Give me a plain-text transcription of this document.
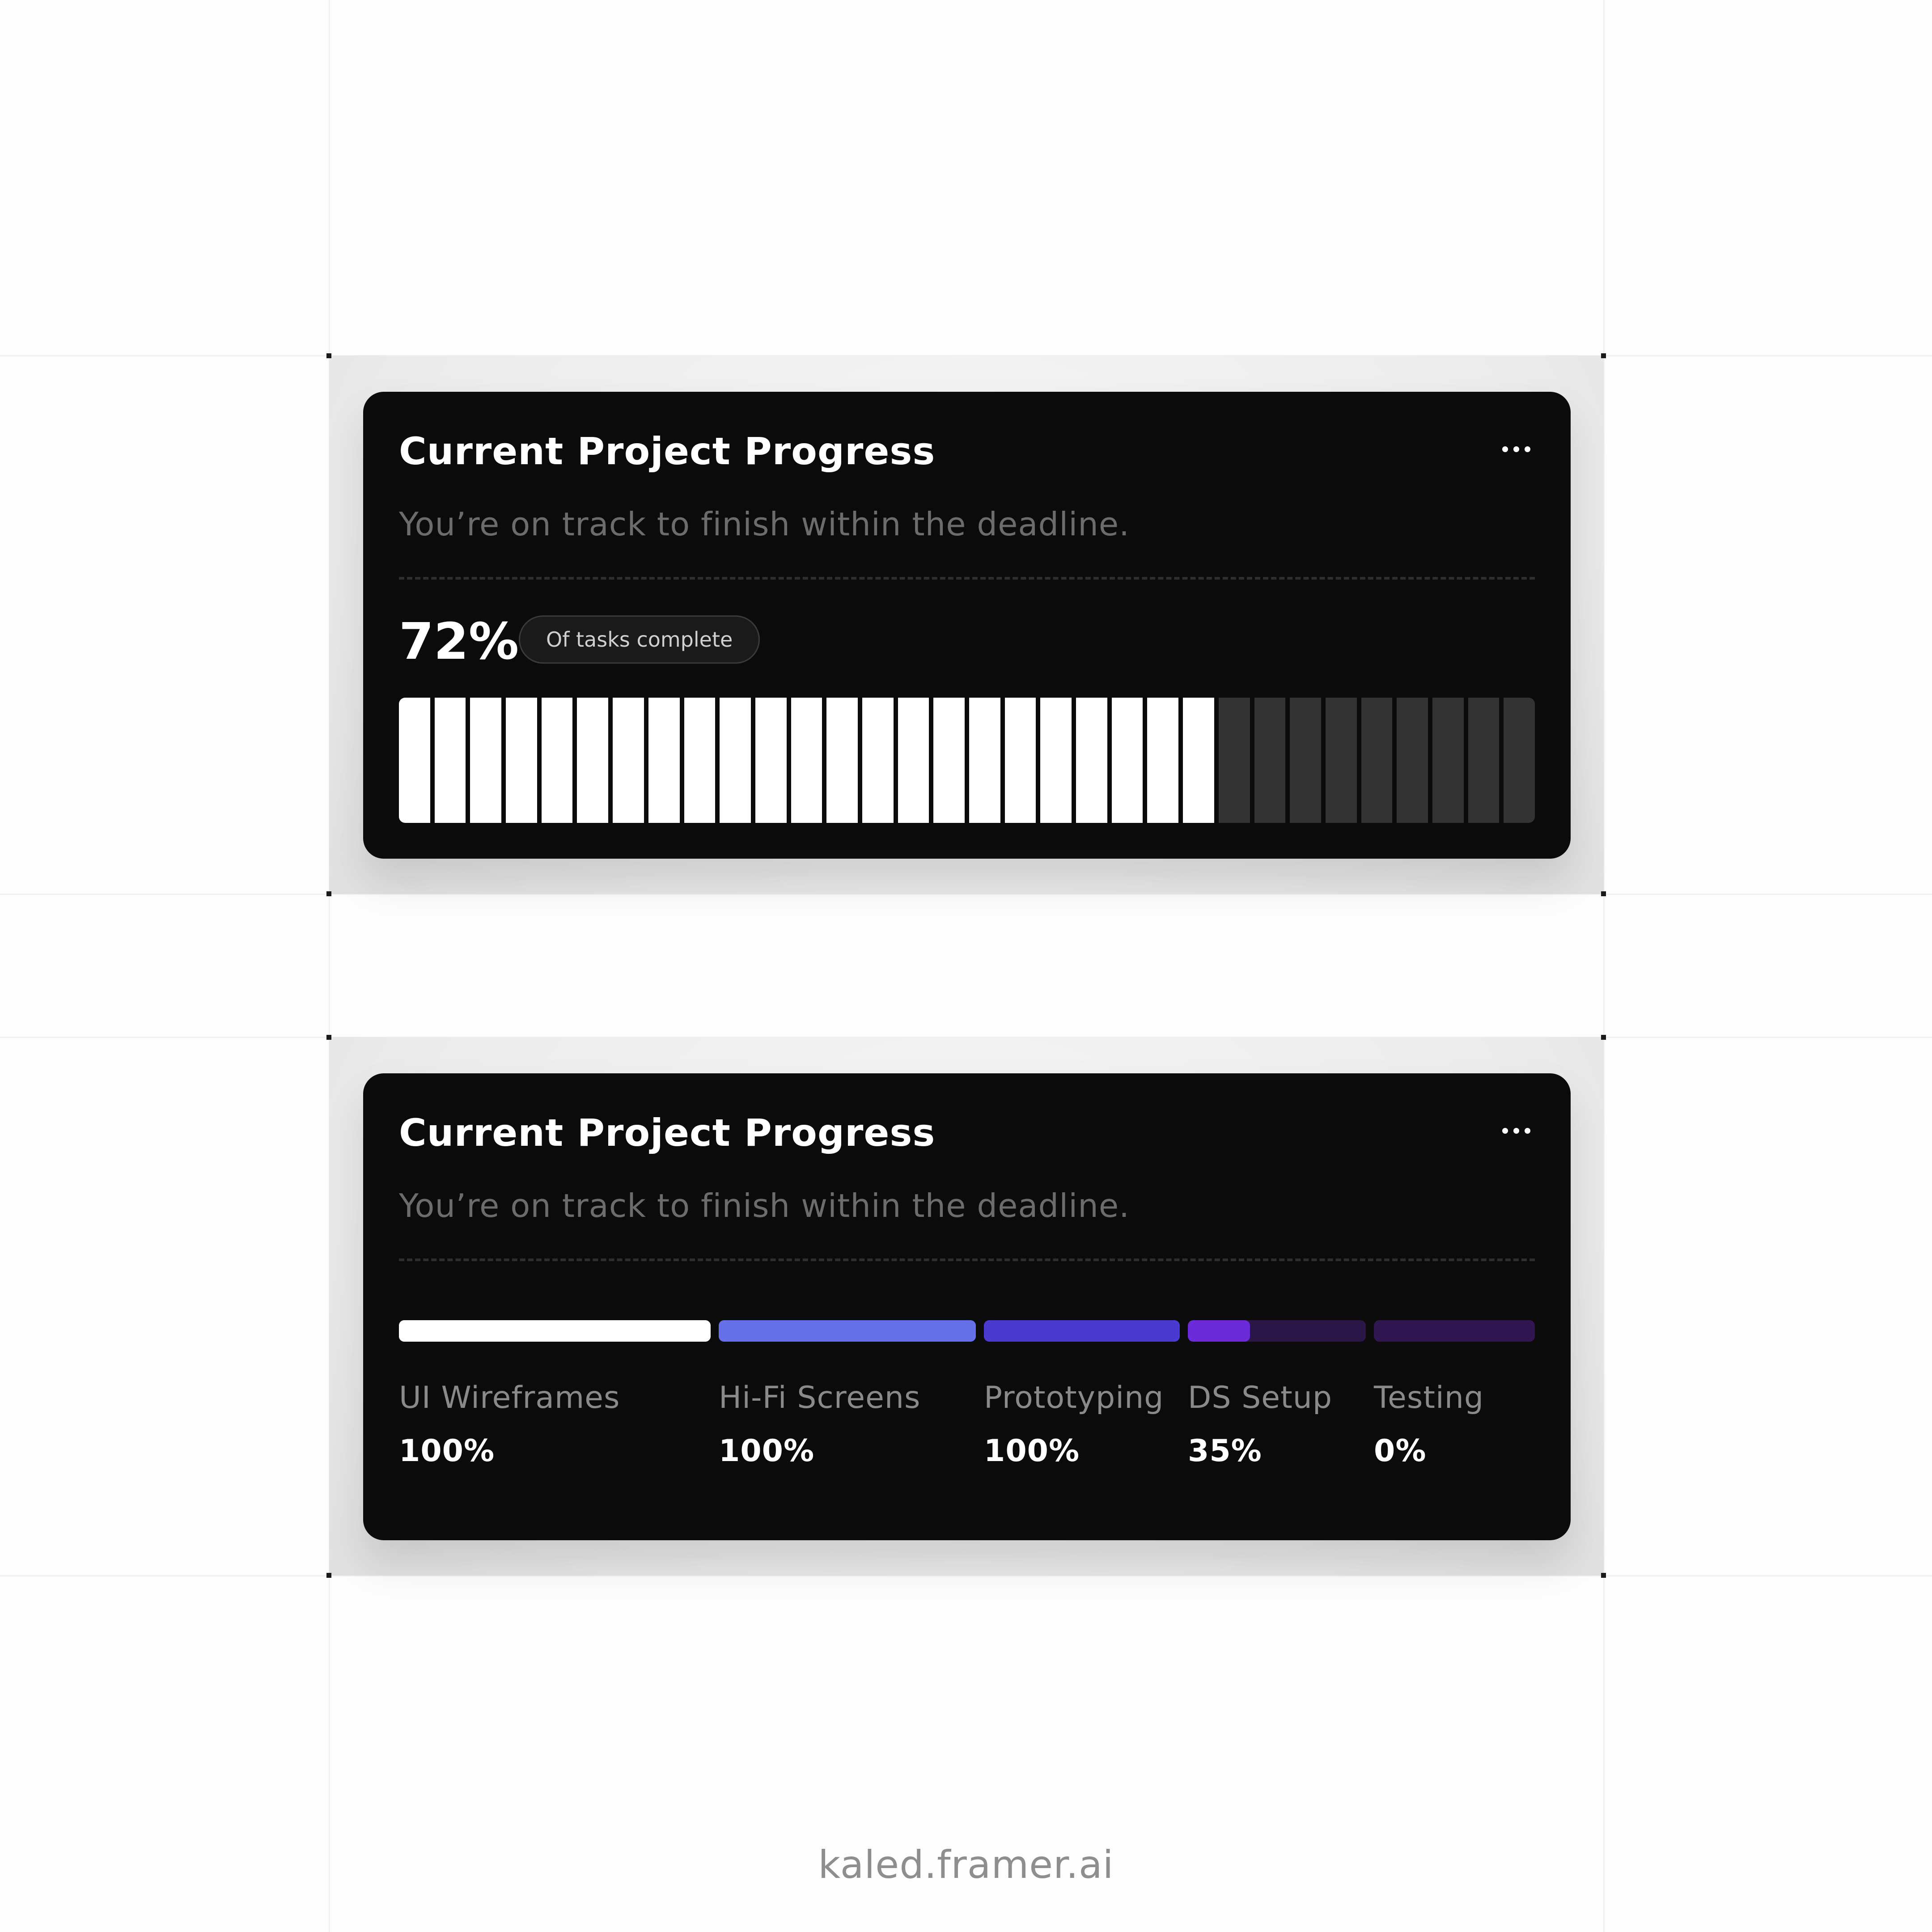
Current Project Progress
You’re on track to finish within the deadline.
72%	Of tasks complete
Current Project Progress
You’re on track to finish within the deadline.
UI Wireframes
100%
Hi-Fi Screens
100%
Prototyping
100%
DS Setup
35%
Testing
0%
kaled.framer.ai
